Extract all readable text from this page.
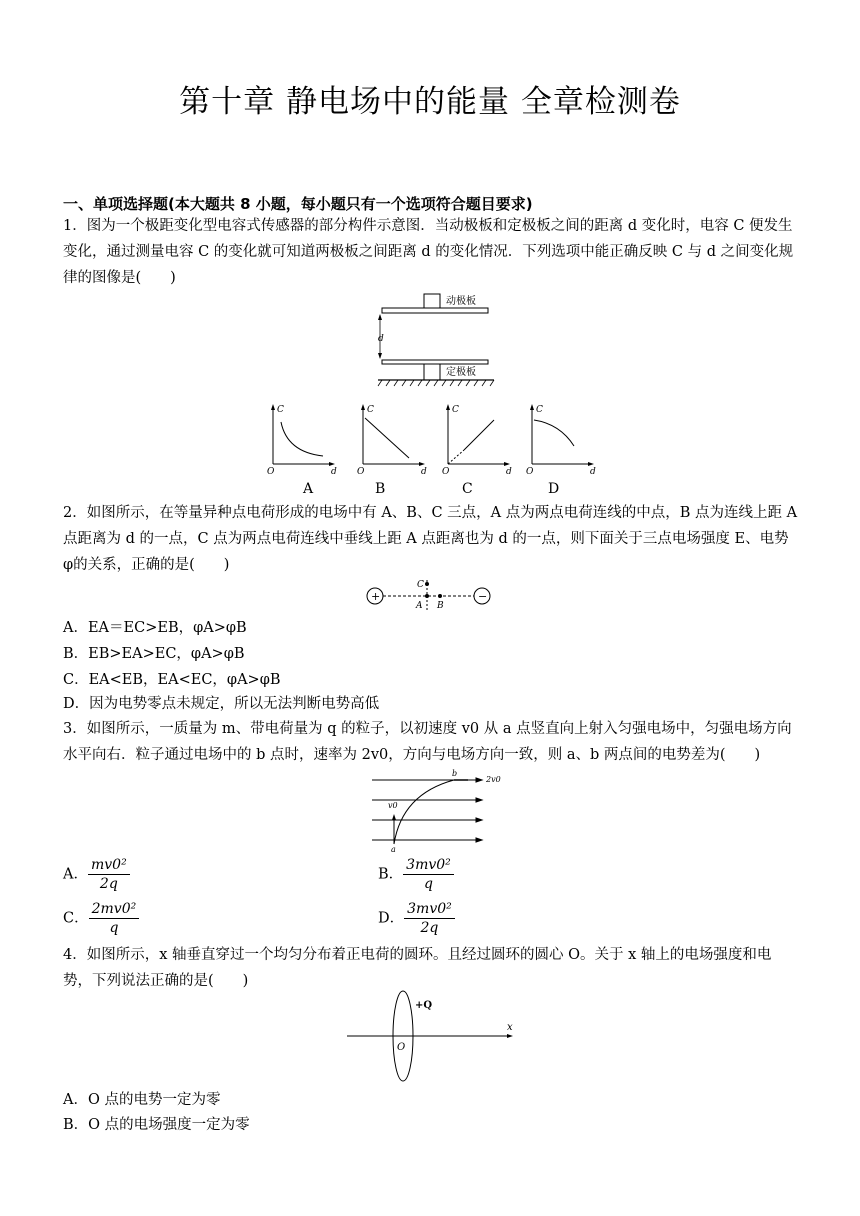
第十章 静电场中的能量 全章检测卷
一、单项选择题(本大题共 8 小题，每小题只有一个选项符合题目要求)
1．图为一个极距变化型电容式传感器的部分构件示意图．当动极板和定极板之间的距离 d 变化时，电容 C 便发生变化，通过测量电容 C 的变化就可知道两极板之间距离 d 的变化情况．下列选项中能正确反映 C 与 d 之间变化规律的图像是(　　)
d
动极板
定极板
C
d
O
C
d
O
C
d
O
C
d
O
A	B	C	D
2．如图所示，在等量异种点电荷形成的电场中有 A、B、C 三点，A 点为两点电荷连线的中点，B 点为连线上距 A 点距离为 d 的一点，C 点为两点电荷连线中垂线上距 A 点距离也为 d 的一点，则下面关于三点电场强度 E、电势φ的关系，正确的是(　　)
+	−
C
A B
A．EA＝EC>EB，φA>φB
B．EB>EA>EC，φA>φB
C．EA<EB，EA<EC，φA>φB
D．因为电势零点未规定，所以无法判断电势高低
3．如图所示，一质量为 m、带电荷量为 q 的粒子，以初速度 v0 从 a 点竖直向上射入匀强电场中，匀强电场方向水平向右．粒子通过电场中的 b 点时，速率为 2v0，方向与电场方向一致，则 a、b 两点间的电势差为(　　)
v0
a
b
2v0
A． $\frac{\text{mv0²}}{2q}$	B． $\frac{\text{3mv0²}}{q}$
C． $\frac{\text{2mv0²}}{q}$	D． $\frac{\text{3mv0²}}{2q}$
4．如图所示，x 轴垂直穿过一个均匀分布着正电荷的圆环。且经过圆环的圆心 O。关于 x 轴上的电场强度和电势，下列说法正确的是(　　)
+Q
x
O
A．O 点的电势一定为零
B．O 点的电场强度一定为零
